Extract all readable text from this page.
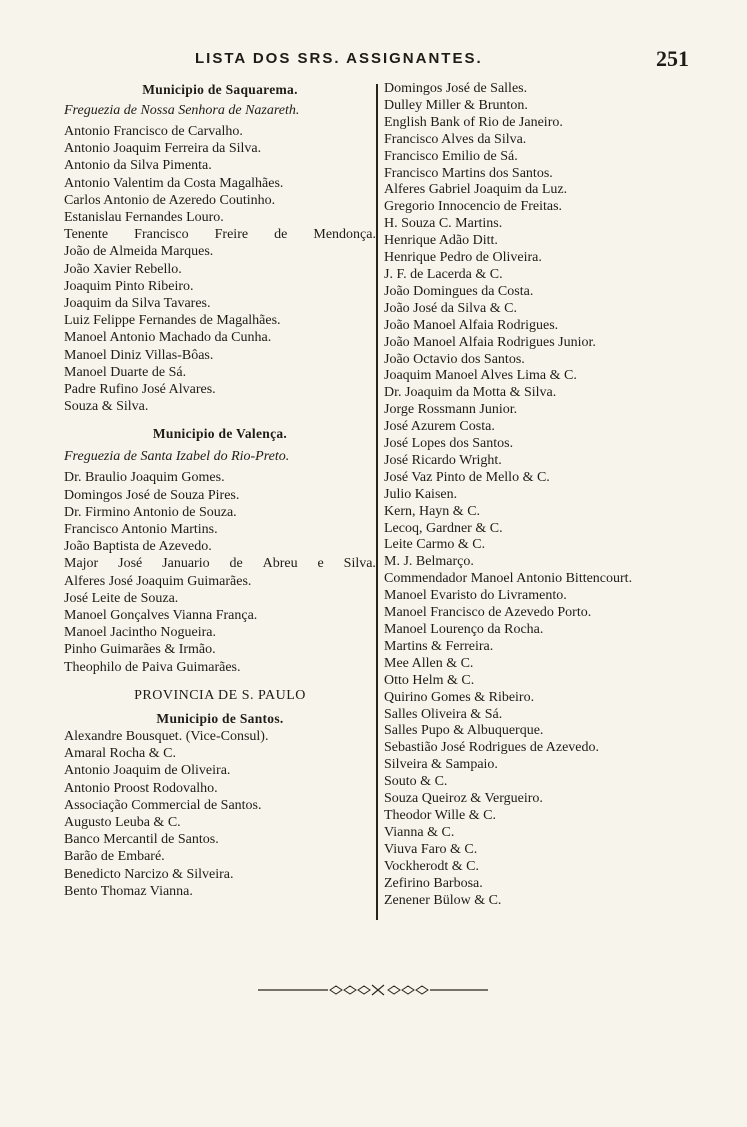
LISTA DOS SRS. ASSIGNANTES.	251
Municipio de Saquarema.
Freguezia de Nossa Senhora de Nazareth.
Antonio Francisco de Carvalho.
Antonio Joaquim Ferreira da Silva.
Antonio da Silva Pimenta.
Antonio Valentim da Costa Magalhães.
Carlos Antonio de Azeredo Coutinho.
Estanislau Fernandes Louro.
Tenente Francisco Freire de Mendonça.
João de Almeida Marques.
João Xavier Rebello.
Joaquim Pinto Ribeiro.
Joaquim da Silva Tavares.
Luiz Felippe Fernandes de Magalhães.
Manoel Antonio Machado da Cunha.
Manoel Diniz Villas-Bôas.
Manoel Duarte de Sá.
Padre Rufino José Alvares.
Souza & Silva.
Municipio de Valença.
Freguezia de Santa Izabel do Rio-Preto.
Dr. Braulio Joaquim Gomes.
Domingos José de Souza Pires.
Dr. Firmino Antonio de Souza.
Francisco Antonio Martins.
João Baptista de Azevedo.
Major José Januario de Abreu e Silva.
Alferes José Joaquim Guimarães.
José Leite de Souza.
Manoel Gonçalves Vianna França.
Manoel Jacintho Nogueira.
Pinho Guimarães & Irmão.
Theophilo de Paiva Guimarães.
PROVINCIA DE S. PAULO
Municipio de Santos.
Alexandre Bousquet. (Vice-Consul).
Amaral Rocha & C.
Antonio Joaquim de Oliveira.
Antonio Proost Rodovalho.
Associação Commercial de Santos.
Augusto Leuba & C.
Banco Mercantil de Santos.
Barão de Embaré.
Benedicto Narcizo & Silveira.
Bento Thomaz Vianna.
Domingos José de Salles.
Dulley Miller & Brunton.
English Bank of Rio de Janeiro.
Francisco Alves da Silva.
Francisco Emilio de Sá.
Francisco Martins dos Santos.
Alferes Gabriel Joaquim da Luz.
Gregorio Innocencio de Freitas.
H. Souza C. Martins.
Henrique Adão Ditt.
Henrique Pedro de Oliveira.
J. F. de Lacerda & C.
João Domingues da Costa.
João José da Silva & C.
João Manoel Alfaia Rodrigues.
João Manoel Alfaia Rodrigues Junior.
João Octavio dos Santos.
Joaquim Manoel Alves Lima & C.
Dr. Joaquim da Motta & Silva.
Jorge Rossmann Junior.
José Azurem Costa.
José Lopes dos Santos.
José Ricardo Wright.
José Vaz Pinto de Mello & C.
Julio Kaisen.
Kern, Hayn & C.
Lecoq, Gardner & C.
Leite Carmo & C.
M. J. Belmarço.
Commendador Manoel Antonio Bittencourt.
Manoel Evaristo do Livramento.
Manoel Francisco de Azevedo Porto.
Manoel Lourenço da Rocha.
Martins & Ferreira.
Mee Allen & C.
Otto Helm & C.
Quirino Gomes & Ribeiro.
Salles Oliveira & Sá.
Salles Pupo & Albuquerque.
Sebastião José Rodrigues de Azevedo.
Silveira & Sampaio.
Souto & C.
Souza Queiroz & Vergueiro.
Theodor Wille & C.
Vianna & C.
Viuva Faro & C.
Vockherodt & C.
Zefirino Barbosa.
Zenener Bülow & C.
